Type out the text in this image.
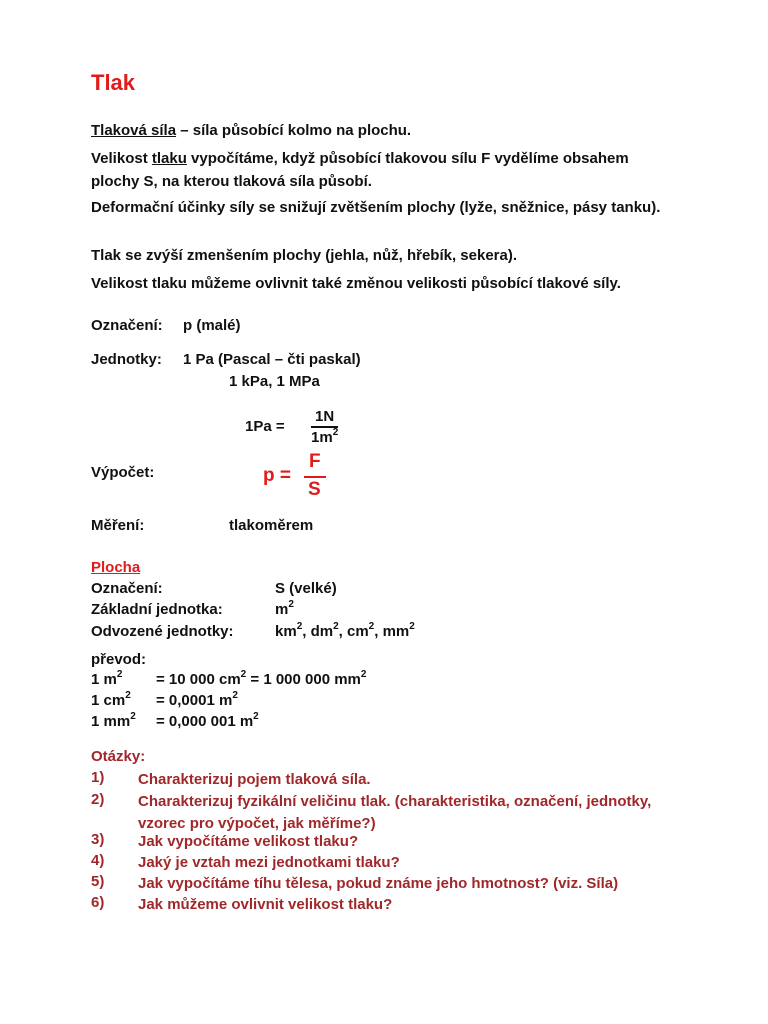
Tlak
Tlaková síla – síla působící kolmo na plochu.
Velikost tlaku vypočítáme, když působící tlakovou sílu F vydělíme obsahem plochy S, na kterou tlaková síla působí.
Deformační účinky síly se snižují zvětšením plochy (lyže, sněžnice, pásy tanku).
Tlak se zvýší zmenšením plochy (jehla, nůž, hřebík, sekera).
Velikost tlaku můžeme ovlivnit také změnou velikosti působící tlakové síly.
Označení: p (malé)
Jednotky: 1 Pa (Pascal – čti paskal)
1 kPa, 1 MPa
1Pa =
1N
$1m^2$
Výpočet:	p =
F
S
Měření:	tlakoměrem
Plocha
Označení:	S (velké)
Základní jednotka:	$m^2$
Odvozené jednotky:	$km^2$, $dm^2$, $cm^2$, $mm^2$
převod:
1 $m^2 = 10$ 000 $cm^2 = 1$ 000 000 $mm^2$
1 $cm^2 = 0,0001$ $m^2$
1 $mm^2 = 0,000$ 001 $m^2$
Otázky:
1) Charakterizuj pojem tlaková síla.
2) Charakterizuj fyzikální veličinu tlak. (charakteristika, označení, jednotky, vzorec pro výpočet, jak měříme?)
3) Jak vypočítáme velikost tlaku?
4) Jaký je vztah mezi jednotkami tlaku?
5) Jak vypočítáme tíhu tělesa, pokud známe jeho hmotnost? (viz. Síla)
6) Jak můžeme ovlivnit velikost tlaku?
